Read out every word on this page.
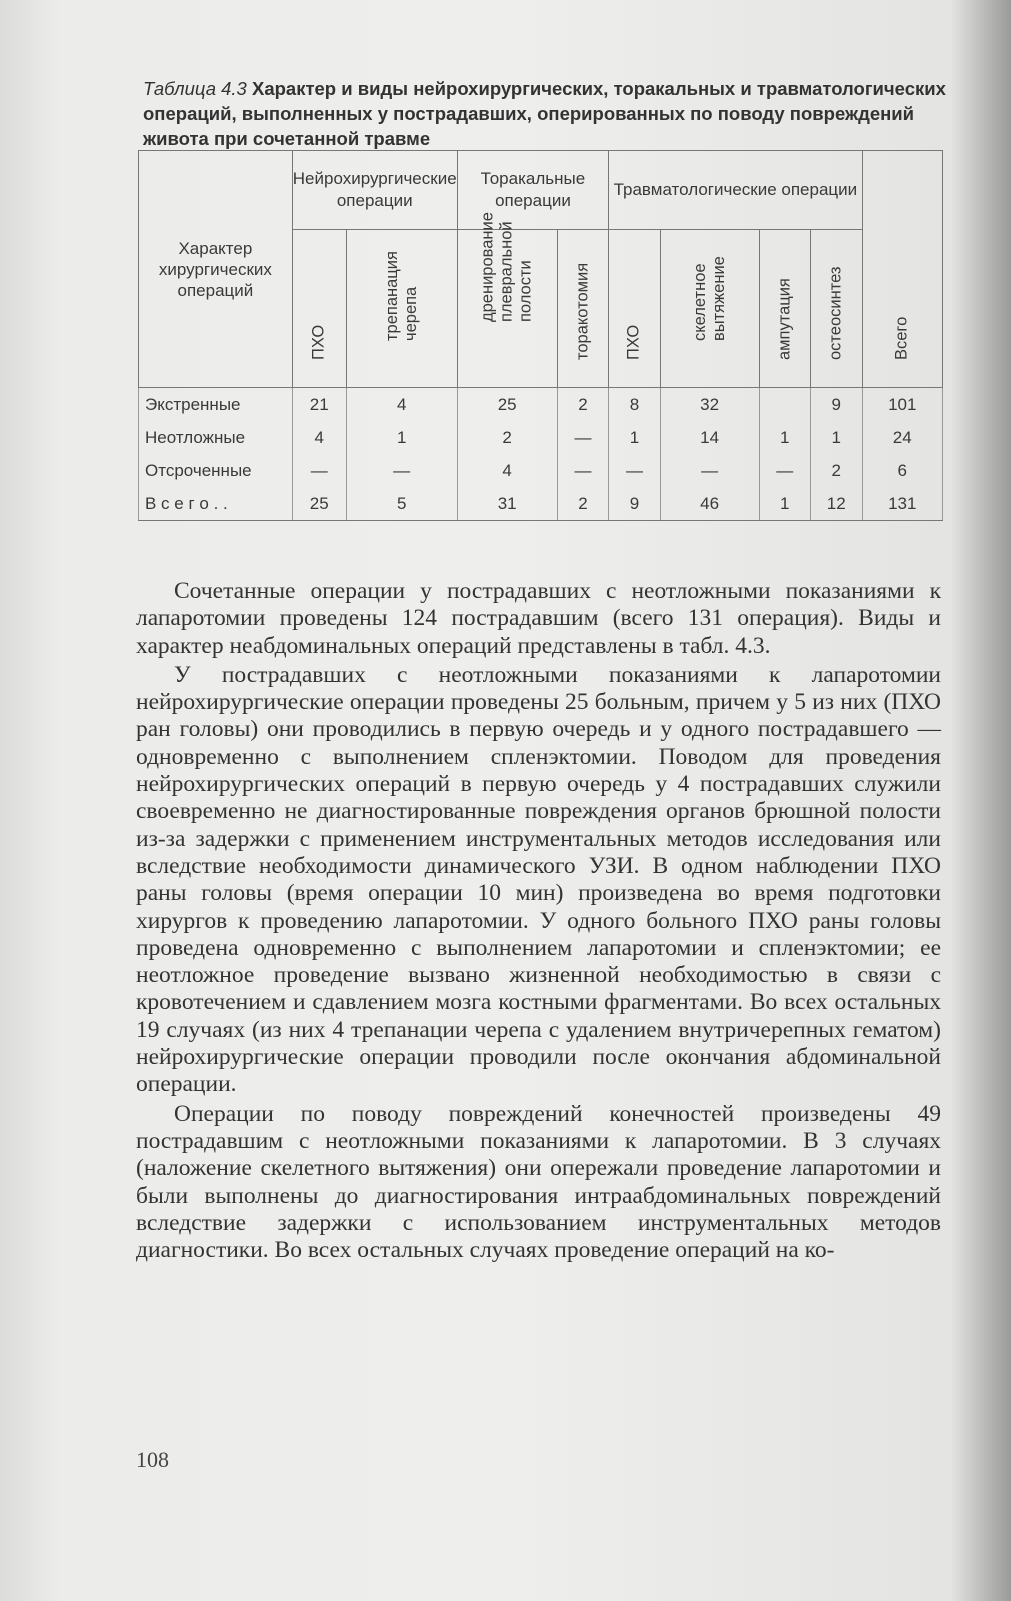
Таблица 4.3 Характер и виды нейрохирургических, торакальных и травматологических операций, выполненных у пострадавших, оперированных по поводу повреждений живота при сочетанной травме
Характер хирургических операций	Нейрохирургические операции		Торакальные операции		Травматологические операции				Всего

	ПХО	трепанация черепа	дренирование плевральной полости	торакотомия	ПХО	скелетное вытяжение	ампутация	остеосинтез	

Экстренные	21	4	25	2	8	32		9	101
Неотложные	4	1	2	—	1	14	1	1	24
Отсроченные	—	—	4	—	—	—	—	2	6
В с е г о . .	25	5	31	2	9	46	1	12	131

Сочетанные операции у пострадавших с неотложными показаниями к лапаротомии проведены 124 пострадавшим (всего 131 операция). Виды и характер неабдоминальных операций представлены в табл. 4.3.

У пострадавших с неотложными показаниями к лапаротомии нейрохирургические операции проведены 25 больным, причем у 5 из них (ПХО ран головы) они проводились в первую очередь и у одного пострадавшего — одновременно с выполнением спленэктомии. Поводом для проведения нейрохирургических операций в первую очередь у 4 пострадавших служили своевременно не диагностированные повреждения органов брюшной полости из-за задержки с применением инструментальных методов исследования или вследствие необходимости динамического УЗИ. В одном наблюдении ПХО раны головы (время операции 10 мин) произведена во время подготовки хирургов к проведению лапаротомии. У одного больного ПХО раны головы проведена одновременно с выполнением лапаротомии и спленэктомии; ее неотложное проведение вызвано жизненной необходимостью в связи с кровотечением и сдавлением мозга костными фрагментами. Во всех остальных 19 случаях (из них 4 трепанации черепа с удалением внутричерепных гематом) нейрохирургические операции проводили после окончания абдоминальной операции.

Операции по поводу повреждений конечностей произведены 49 пострадавшим с неотложными показаниями к лапаротомии. В 3 случаях (наложение скелетного вытяжения) они опережали проведение лапаротомии и были выполнены до диагностирования интраабдоминальных повреждений вследствие задержки с использованием инструментальных методов диагностики. Во всех остальных случаях проведение операций на ко-

108
